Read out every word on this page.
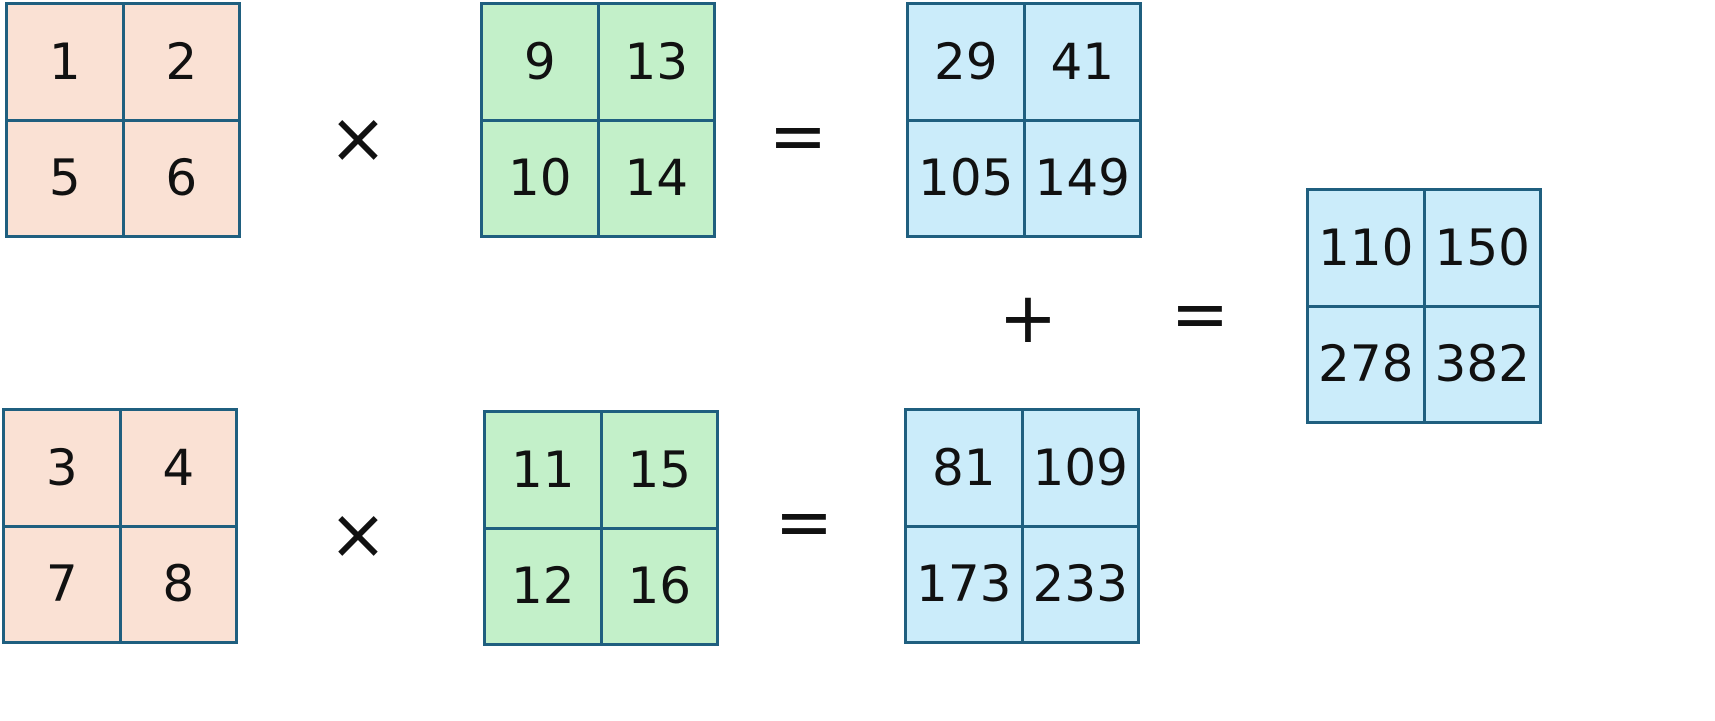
1	2
5	6	×
9	13
10	14
=
29	41
105 149
+ =
110 150
278 382
3	4
7	8
×
11	15
12	16
=
81 109
173 233
